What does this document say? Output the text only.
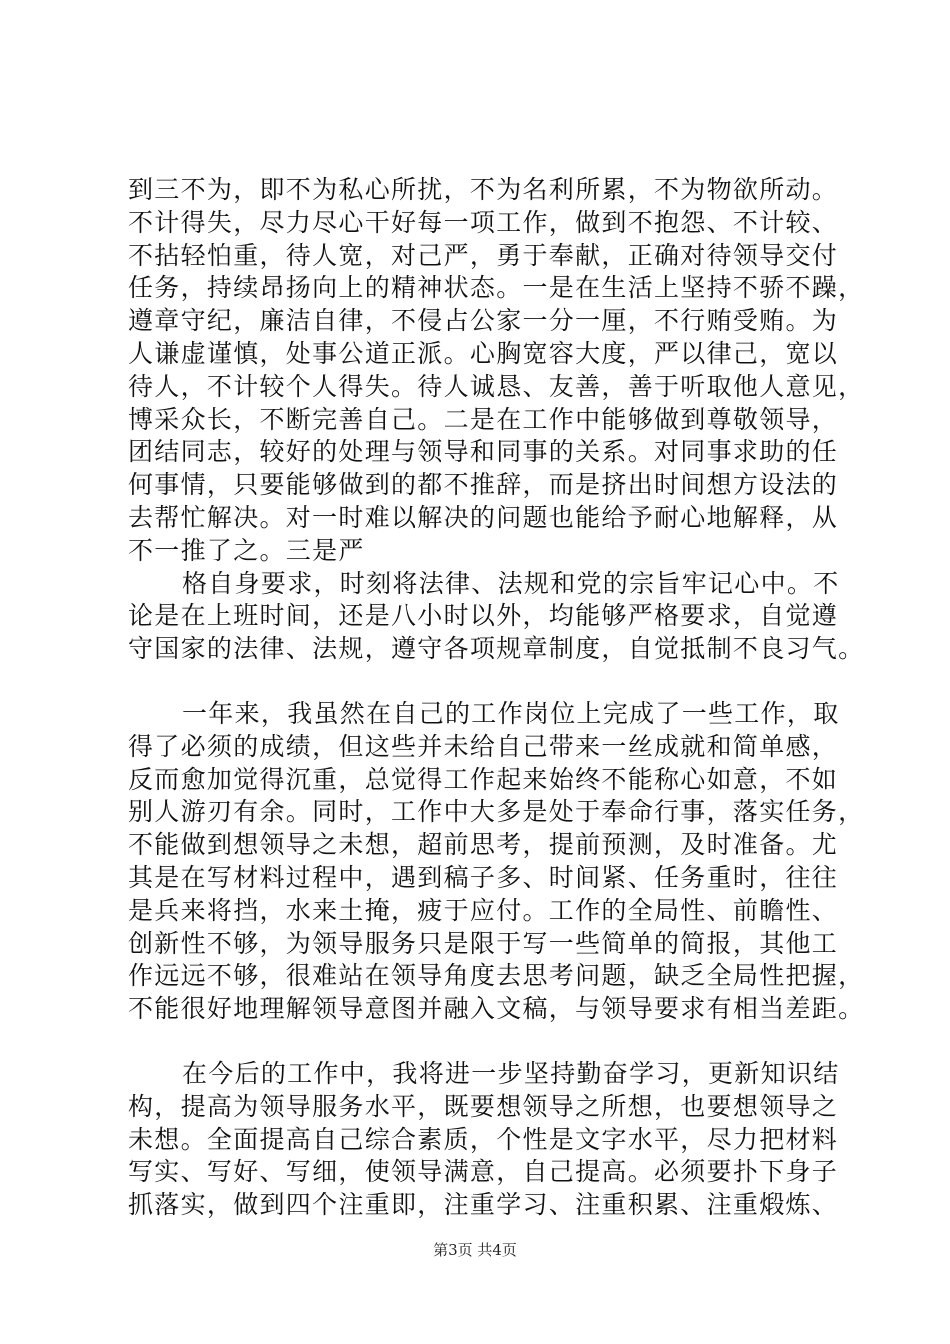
到三不为，即不为私心所扰，不为名利所累，不为物欲所动。
不计得失，尽力尽心干好每一项工作，做到不抱怨、不计较、
不拈轻怕重，待人宽，对己严，勇于奉献，正确对待领导交付
任务，持续昂扬向上的精神状态。一是在生活上坚持不骄不躁，
遵章守纪，廉洁自律，不侵占公家一分一厘，不行贿受贿。为
人谦虚谨慎，处事公道正派。心胸宽容大度，严以律己，宽以
待人，不计较个人得失。待人诚恳、友善，善于听取他人意见，
博采众长，不断完善自己。二是在工作中能够做到尊敬领导，
团结同志，较好的处理与领导和同事的关系。对同事求助的任
何事情，只要能够做到的都不推辞，而是挤出时间想方设法的
去帮忙解决。对一时难以解决的问题也能给予耐心地解释，从
不一推了之。三是严
格自身要求，时刻将法律、法规和党的宗旨牢记心中。不
论是在上班时间，还是八小时以外，均能够严格要求，自觉遵
守国家的法律、法规，遵守各项规章制度，自觉抵制不良习气。
一年来，我虽然在自己的工作岗位上完成了一些工作，取
得了必须的成绩，但这些并未给自己带来一丝成就和简单感，
反而愈加觉得沉重，总觉得工作起来始终不能称心如意，不如
别人游刃有余。同时，工作中大多是处于奉命行事，落实任务，
不能做到想领导之未想，超前思考，提前预测，及时准备。尤
其是在写材料过程中，遇到稿子多、时间紧、任务重时，往往
是兵来将挡，水来土掩，疲于应付。工作的全局性、前瞻性、
创新性不够，为领导服务只是限于写一些简单的简报，其他工
作远远不够，很难站在领导角度去思考问题，缺乏全局性把握，
不能很好地理解领导意图并融入文稿，与领导要求有相当差距。
在今后的工作中，我将进一步坚持勤奋学习，更新知识结
构，提高为领导服务水平，既要想领导之所想，也要想领导之
未想。全面提高自己综合素质，个性是文字水平，尽力把材料
写实、写好、写细，使领导满意，自己提高。必须要扑下身子
抓落实，做到四个注重即，注重学习、注重积累、注重煅炼、
第3页 共4页
